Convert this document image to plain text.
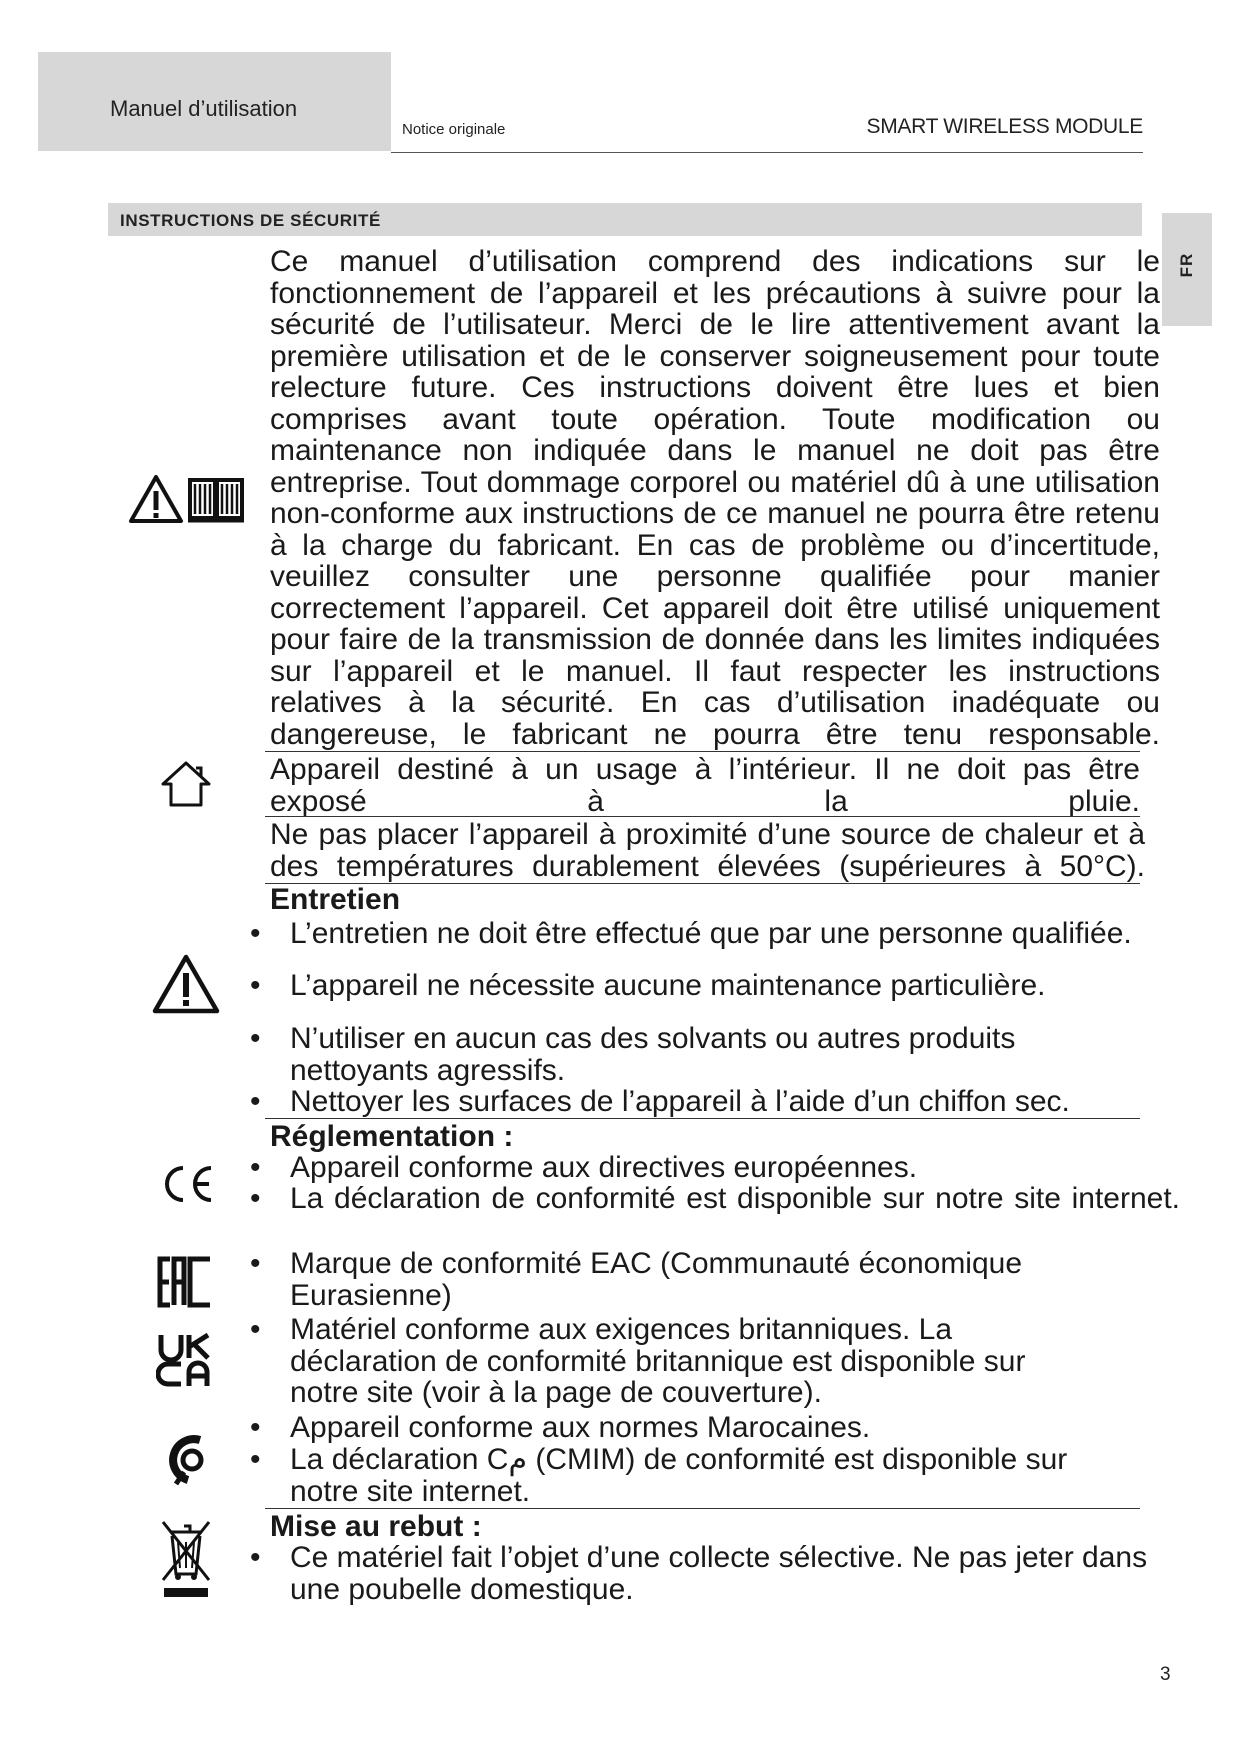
Manuel d’utilisation
Notice originale	SMART WIRELESS MODULE
INSTRUCTIONS DE SÉCURITÉ
FR
Ce manuel d’utilisation comprend des indications sur le fonctionnement de l’appareil et les précautions à suivre pour la sécurité de l’utilisateur. Merci de le lire attentivement avant la première utilisation et de le conserver soigneusement pour toute relecture future. Ces instructions doivent être lues et bien comprises avant toute opération. Toute modification ou maintenance non indiquée dans le manuel ne doit pas être entreprise. Tout dommage corporel ou matériel dû à une utilisation non-conforme aux instructions de ce manuel ne pourra être retenu à la charge du fabricant. En cas de problème ou d’incertitude, veuillez consulter une personne qualifiée pour manier correctement l’appareil. Cet appareil doit être utilisé uniquement pour faire de la transmission de donnée dans les limites indiquées sur l’appareil et le manuel. Il faut respecter les instructions relatives à la sécurité. En cas d’utilisation inadéquate ou dangereuse, le fabricant ne pourra être tenu responsable.
Appareil destiné à un usage à l’intérieur. Il ne doit pas être exposé à la pluie.
Ne pas placer l’appareil à proximité d’une source de chaleur et à des températures durablement élevées (supérieures à 50°C).
Entretien
• L’entretien ne doit être effectué que par une personne qualifiée.
• L’appareil ne nécessite aucune maintenance particulière.
• N’utiliser en aucun cas des solvants ou autres produits nettoyants agressifs.
• Nettoyer les surfaces de l’appareil à l’aide d’un chiffon sec.
Réglementation :
• Appareil conforme aux directives européennes.
• La déclaration de conformité est disponible sur notre site internet.
• Marque de conformité EAC (Communauté économique Eurasienne)
• Matériel conforme aux exigences britanniques. La déclaration de conformité britannique est disponible sur notre site (voir à la page de couverture).
• Appareil conforme aux normes Marocaines.
• La déclaration Cم (CMIM) de conformité est disponible sur notre site internet.
Mise au rebut :
• Ce matériel fait l’objet d’une collecte sélective. Ne pas jeter dans une poubelle domestique.
3
